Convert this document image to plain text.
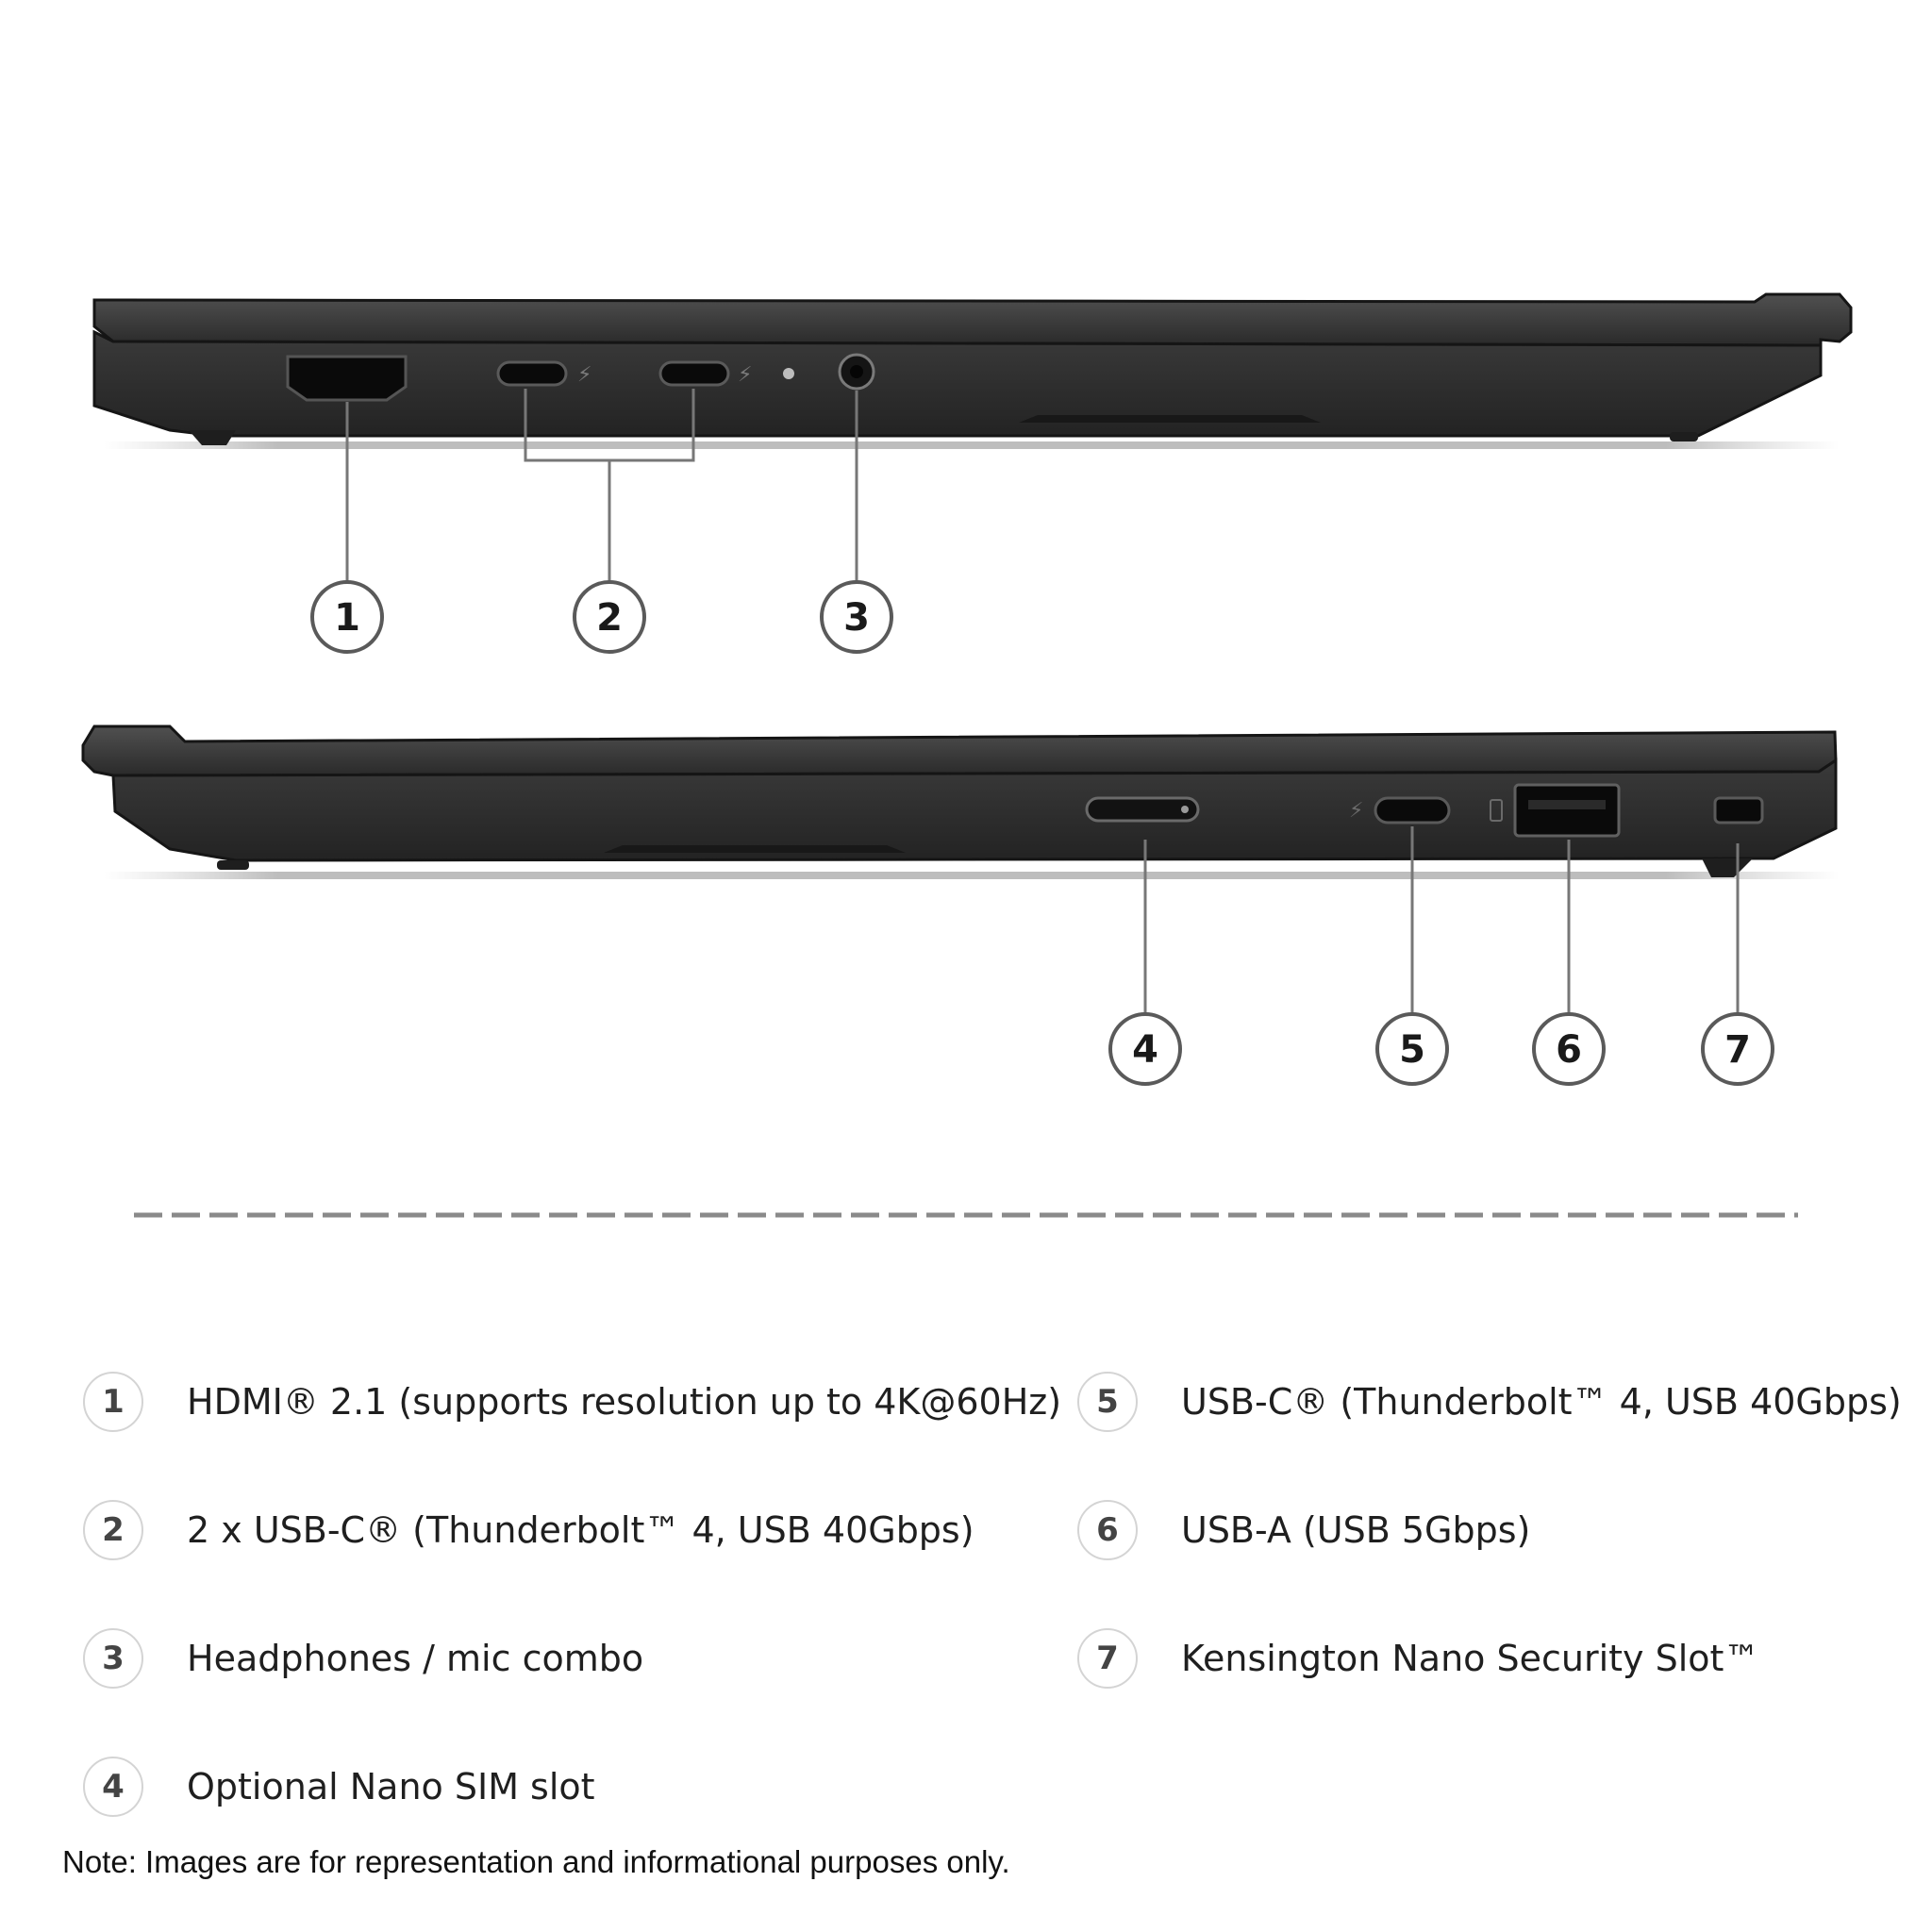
⚡	⚡
⚡
1	2	3
4	5	6	7
1	HDMI® 2.1 (supports resolution up to 4K@60Hz)
2	2 x USB-C® (Thunderbolt™ 4, USB 40Gbps)
3	Headphones / mic combo
4	Optional Nano SIM slot
5	USB-C® (Thunderbolt™ 4, USB 40Gbps)
6	USB-A (USB 5Gbps)
7	Kensington Nano Security Slot™
Note: Images are for representation and informational purposes only.
